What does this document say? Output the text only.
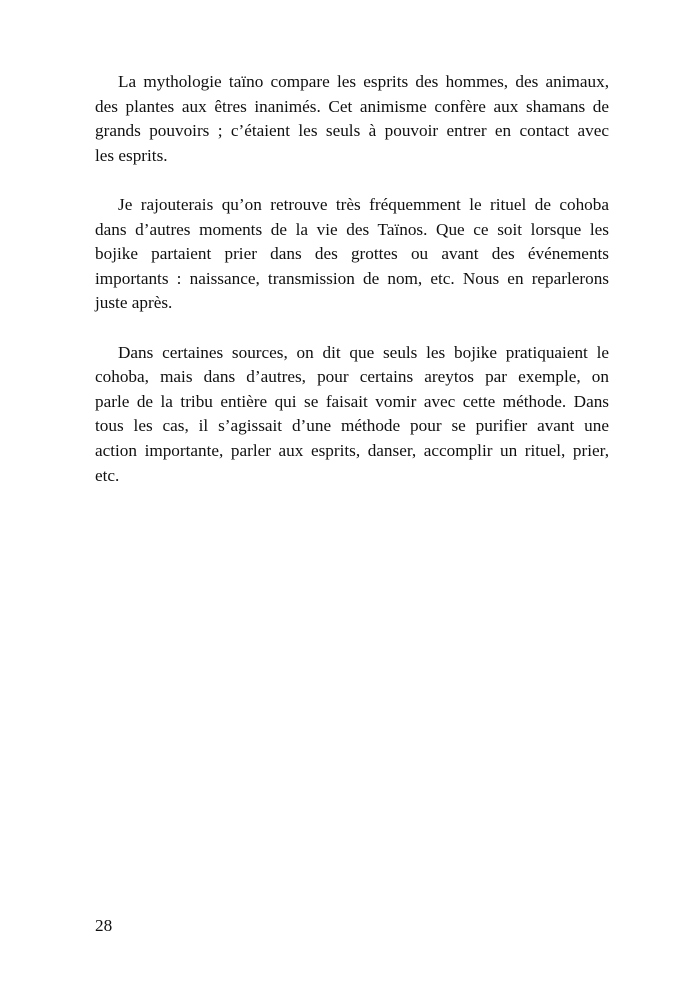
La mythologie taïno compare les esprits des hommes, des animaux,
des plantes aux êtres inanimés. Cet animisme confère aux shamans de
grands pouvoirs ; c’étaient les seuls à pouvoir entrer en contact avec
les esprits.
Je rajouterais qu’on retrouve très fréquemment le rituel de cohoba
dans d’autres moments de la vie des Taïnos. Que ce soit lorsque les
bojike partaient prier dans des grottes ou avant des événements
importants : naissance, transmission de nom, etc. Nous en reparlerons
juste après.
Dans certaines sources, on dit que seuls les bojike pratiquaient le
cohoba, mais dans d’autres, pour certains areytos par exemple, on
parle de la tribu entière qui se faisait vomir avec cette méthode. Dans
tous les cas, il s’agissait d’une méthode pour se purifier avant une
action importante, parler aux esprits, danser, accomplir un rituel, prier,
etc.
28
